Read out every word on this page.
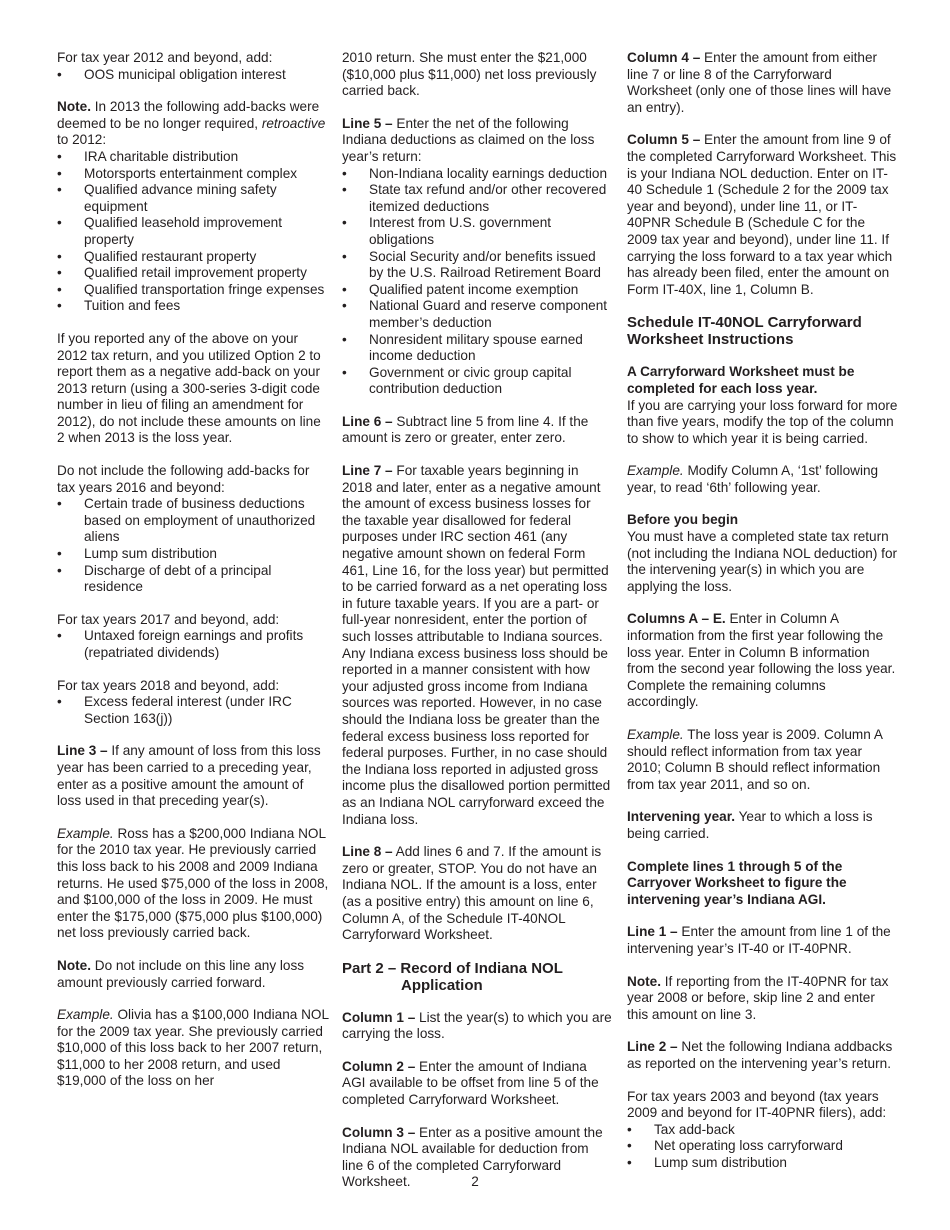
For tax year 2012 and beyond, add:

• OOS municipal obligation interest

Note. In 2013 the following add-backs were deemed to be no longer required, retroactive to 2012:

• IRA charitable distribution
• Motorsports entertainment complex
• Qualified advance mining safety equipment
• Qualified leasehold improvement property
• Qualified restaurant property
• Qualified retail improvement property
• Qualified transportation fringe expenses
• Tuition and fees

If you reported any of the above on your 2012 tax return, and you utilized Option 2 to report them as a negative add-back on your 2013 return (using a 300-series 3-digit code number in lieu of filing an amendment for 2012), do not include these amounts on line 2 when 2013 is the loss year.

Do not include the following add-backs for tax years 2016 and beyond:

• Certain trade of business deductions based on employment of unauthorized aliens
• Lump sum distribution
• Discharge of debt of a principal residence

For tax years 2017 and beyond, add:

• Untaxed foreign earnings and profits (repatriated dividends)

For tax years 2018 and beyond, add:

• Excess federal interest (under IRC Section 163(j))

Line 3 – If any amount of loss from this loss year has been carried to a preceding year, enter as a positive amount the amount of loss used in that preceding year(s).

Example. Ross has a $200,000 Indiana NOL for the 2010 tax year. He previously carried this loss back to his 2008 and 2009 Indiana returns. He used $75,000 of the loss in 2008, and $100,000 of the loss in 2009. He must enter the $175,000 ($75,000 plus $100,000) net loss previously carried back.

Note. Do not include on this line any loss amount previously carried forward.

Example. Olivia has a $100,000 Indiana NOL for the 2009 tax year. She previously carried $10,000 of this loss back to her 2007 return, $11,000 to her 2008 return, and used $19,000 of the loss on her

2010 return. She must enter the $21,000 ($10,000 plus $11,000) net loss previously carried back.

Line 5 – Enter the net of the following Indiana deductions as claimed on the loss year’s return:

• Non-Indiana locality earnings deduction
• State tax refund and/or other recovered itemized deductions
• Interest from U.S. government obligations
• Social Security and/or benefits issued by the U.S. Railroad Retirement Board
• Qualified patent income exemption
• National Guard and reserve component member’s deduction
• Nonresident military spouse earned income deduction
• Government or civic group capital contribution deduction

Line 6 – Subtract line 5 from line 4. If the amount is zero or greater, enter zero.

Line 7 – For taxable years beginning in 2018 and later, enter as a negative amount the amount of excess business losses for the taxable year disallowed for federal purposes under IRC section 461 (any negative amount shown on federal Form 461, Line 16, for the loss year) but permitted to be carried forward as a net operating loss in future taxable years. If you are a part- or full-year nonresident, enter the portion of such losses attributable to Indiana sources. Any Indiana excess business loss should be reported in a manner consistent with how your adjusted gross income from Indiana sources was reported. However, in no case should the Indiana loss be greater than the federal excess business loss reported for federal purposes. Further, in no case should the Indiana loss reported in adjusted gross income plus the disallowed portion permitted as an Indiana NOL carryforward exceed the Indiana loss.

Line 8 – Add lines 6 and 7. If the amount is zero or greater, STOP. You do not have an Indiana NOL. If the amount is a loss, enter (as a positive entry) this amount on line 6, Column A, of the Schedule IT-40NOL Carryforward Worksheet.

Part 2 – Record of Indiana NOL
Application

Column 1 – List the year(s) to which you are carrying the loss.

Column 2 – Enter the amount of Indiana AGI available to be offset from line 5 of the completed Carryforward Worksheet.

Column 3 – Enter as a positive amount the Indiana NOL available for deduction from line 6 of the completed Carryforward Worksheet.

Column 4 – Enter the amount from either line 7 or line 8 of the Carryforward Worksheet (only one of those lines will have an entry).

Column 5 – Enter the amount from line 9 of the completed Carryforward Worksheet. This is your Indiana NOL deduction. Enter on IT-40 Schedule 1 (Schedule 2 for the 2009 tax year and beyond), under line 11, or IT-40PNR Schedule B (Schedule C for the 2009 tax year and beyond), under line 11. If carrying the loss forward to a tax year which has already been filed, enter the amount on Form IT-40X, line 1, Column B.

Schedule IT-40NOL Carryforward Worksheet Instructions
A Carryforward Worksheet must be completed for each loss year.

If you are carrying your loss forward for more than five years, modify the top of the column to show to which year it is being carried.

Example. Modify Column A, ‘1st’ following year, to read ‘6th’ following year.

Before you begin

You must have a completed state tax return (not including the Indiana NOL deduction) for the intervening year(s) in which you are applying the loss.

Columns A – E. Enter in Column A information from the first year following the loss year. Enter in Column B information from the second year following the loss year. Complete the remaining columns accordingly.

Example. The loss year is 2009. Column A should reflect information from tax year 2010; Column B should reflect information from tax year 2011, and so on.

Intervening year. Year to which a loss is being carried.

Complete lines 1 through 5 of the Carryover Worksheet to figure the intervening year’s Indiana AGI.

Line 1 – Enter the amount from line 1 of the intervening year’s IT-40 or IT-40PNR.

Note. If reporting from the IT-40PNR for tax year 2008 or before, skip line 2 and enter this amount on line 3.

Line 2 – Net the following Indiana addbacks as reported on the intervening year’s return.

For tax years 2003 and beyond (tax years 2009 and beyond for IT-40PNR filers), add:

• Tax add-back
• Net operating loss carryforward
• Lump sum distribution
2
